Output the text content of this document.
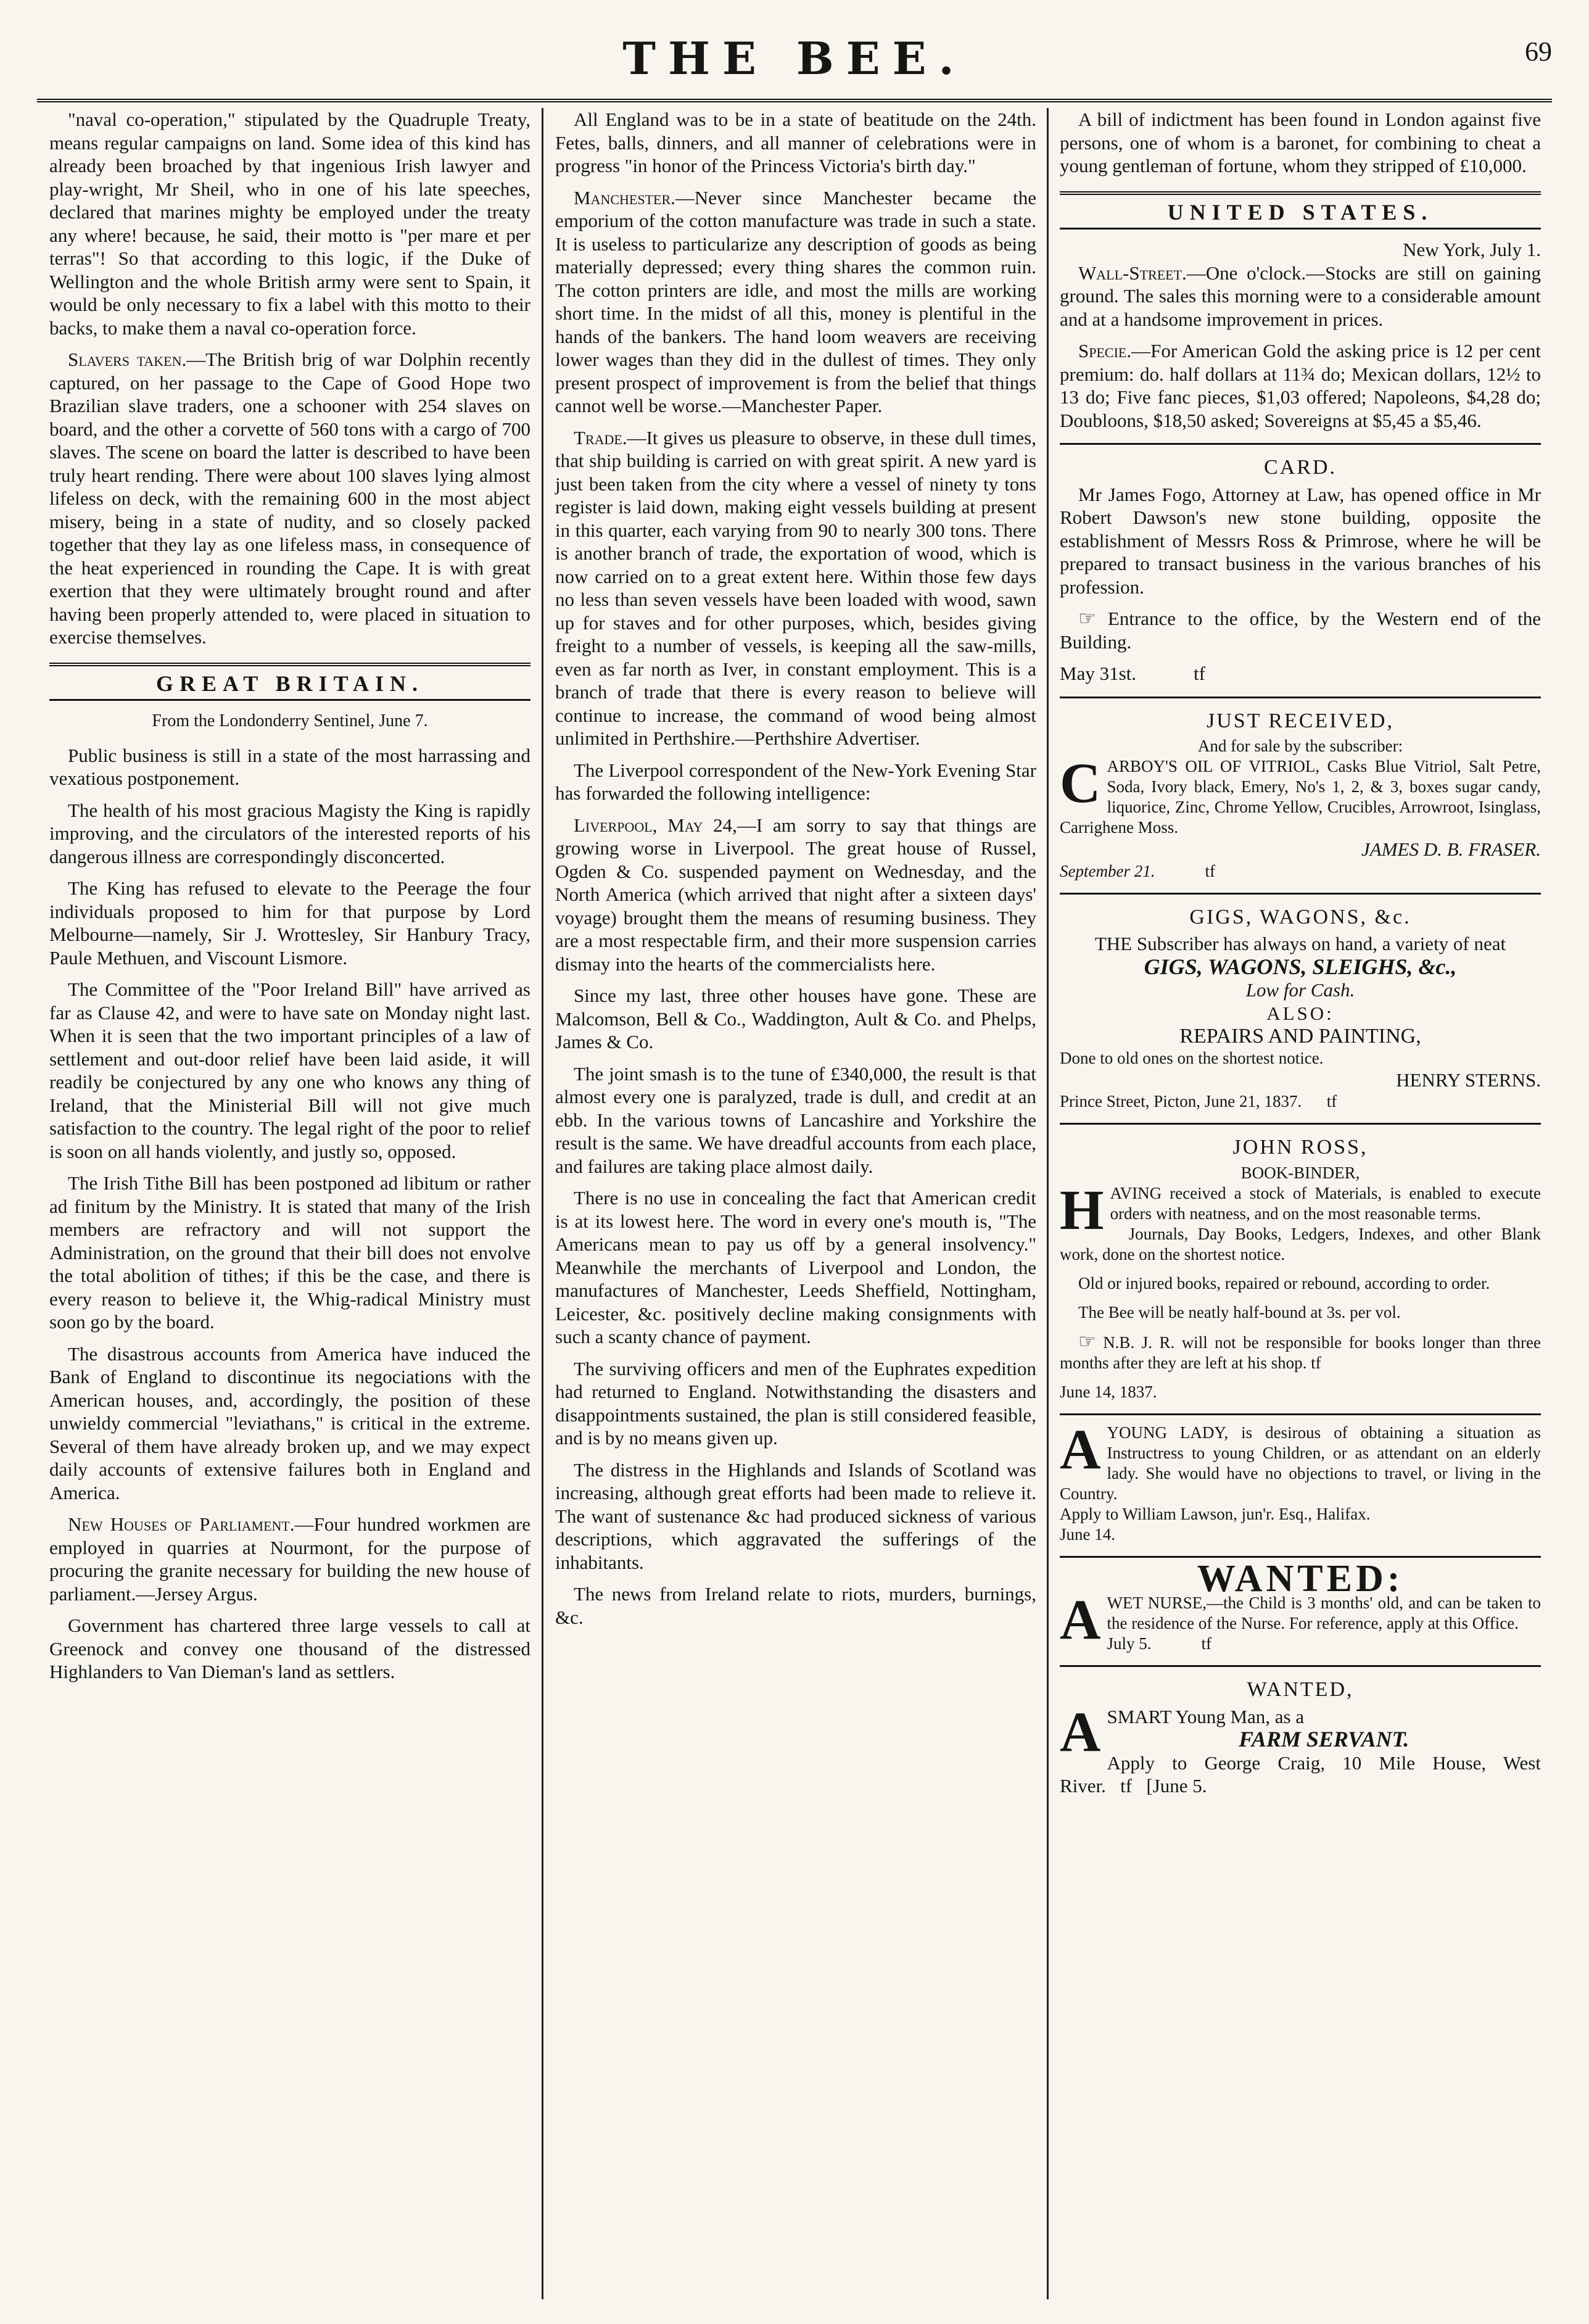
THE BEE.	69

"naval co-operation," stipulated by the Quadruple Treaty, means regular campaigns on land. Some idea of this kind has already been broached by that ingenious Irish lawyer and play-wright, Mr Sheil, who in one of his late speeches, declared that marines mighty be employed under the treaty any where! because, he said, their motto is "per mare et per terras"! So that according to this logic, if the Duke of Wellington and the whole British army were sent to Spain, it would be only necessary to fix a label with this motto to their backs, to make them a naval co-operation force.

Slavers taken.—The British brig of war Dolphin recently captured, on her passage to the Cape of Good Hope two Brazilian slave traders, one a schooner with 254 slaves on board, and the other a corvette of 560 tons with a cargo of 700 slaves. The scene on board the latter is described to have been truly heart rending. There were about 100 slaves lying almost lifeless on deck, with the remaining 600 in the most abject misery, being in a state of nudity, and so closely packed together that they lay as one lifeless mass, in consequence of the heat experienced in rounding the Cape. It is with great exertion that they were ultimately brought round and after having been properly attended to, were placed in situation to exercise themselves.

GREAT BRITAIN.
From the Londonderry Sentinel, June 7.

Public business is still in a state of the most harrassing and vexatious postponement.

The health of his most gracious Magisty the King is rapidly improving, and the circulators of the interested reports of his dangerous illness are correspondingly disconcerted.

The King has refused to elevate to the Peerage the four individuals proposed to him for that purpose by Lord Melbourne—namely, Sir J. Wrottesley, Sir Hanbury Tracy, Paule Methuen, and Viscount Lismore.

The Committee of the "Poor Ireland Bill" have arrived as far as Clause 42, and were to have sate on Monday night last. When it is seen that the two important principles of a law of settlement and out-door relief have been laid aside, it will readily be conjectured by any one who knows any thing of Ireland, that the Ministerial Bill will not give much satisfaction to the country. The legal right of the poor to relief is soon on all hands violently, and justly so, opposed.

The Irish Tithe Bill has been postponed ad libitum or rather ad finitum by the Ministry. It is stated that many of the Irish members are refractory and will not support the Administration, on the ground that their bill does not envolve the total abolition of tithes; if this be the case, and there is every reason to believe it, the Whig-radical Ministry must soon go by the board.

The disastrous accounts from America have induced the Bank of England to discontinue its negociations with the American houses, and, accordingly, the position of these unwieldy commercial "leviathans," is critical in the extreme. Several of them have already broken up, and we may expect daily accounts of extensive failures both in England and America.

New Houses of Parliament.—Four hundred workmen are employed in quarries at Nourmont, for the purpose of procuring the granite necessary for building the new house of parliament.—Jersey Argus.

Government has chartered three large vessels to call at Greenock and convey one thousand of the distressed Highlanders to Van Dieman's land as settlers.

All England was to be in a state of beatitude on the 24th. Fetes, balls, dinners, and all manner of celebrations were in progress "in honor of the Princess Victoria's birth day."

Manchester.—Never since Manchester became the emporium of the cotton manufacture was trade in such a state. It is useless to particularize any description of goods as being materially depressed; every thing shares the common ruin. The cotton printers are idle, and most the mills are working short time. In the midst of all this, money is plentiful in the hands of the bankers. The hand loom weavers are receiving lower wages than they did in the dullest of times. They only present prospect of improvement is from the belief that things cannot well be worse.—Manchester Paper.

Trade.—It gives us pleasure to observe, in these dull times, that ship building is carried on with great spirit. A new yard is just been taken from the city where a vessel of ninety ty tons register is laid down, making eight vessels building at present in this quarter, each varying from 90 to nearly 300 tons. There is another branch of trade, the exportation of wood, which is now carried on to a great extent here. Within those few days no less than seven vessels have been loaded with wood, sawn up for staves and for other purposes, which, besides giving freight to a number of vessels, is keeping all the saw-mills, even as far north as Iver, in constant employment. This is a branch of trade that there is every reason to believe will continue to increase, the command of wood being almost unlimited in Perthshire.—Perthshire Advertiser.

The Liverpool correspondent of the New-York Evening Star has forwarded the following intelligence:

Liverpool, May 24,—I am sorry to say that things are growing worse in Liverpool. The great house of Russel, Ogden & Co. suspended payment on Wednesday, and the North America (which arrived that night after a sixteen days' voyage) brought them the means of resuming business. They are a most respectable firm, and their more suspension carries dismay into the hearts of the commercialists here.

Since my last, three other houses have gone. These are Malcomson, Bell & Co., Waddington, Ault & Co. and Phelps, James & Co.

The joint smash is to the tune of £340,000, the result is that almost every one is paralyzed, trade is dull, and credit at an ebb. In the various towns of Lancashire and Yorkshire the result is the same. We have dreadful accounts from each place, and failures are taking place almost daily.

There is no use in concealing the fact that American credit is at its lowest here. The word in every one's mouth is, "The Americans mean to pay us off by a general insolvency." Meanwhile the merchants of Liverpool and London, the manufactures of Manchester, Leeds Sheffield, Nottingham, Leicester, &c. positively decline making consignments with such a scanty chance of payment.

The surviving officers and men of the Euphrates expedition had returned to England. Notwithstanding the disasters and disappointments sustained, the plan is still considered feasible, and is by no means given up.

The distress in the Highlands and Islands of Scotland was increasing, although great efforts had been made to relieve it. The want of sustenance &c had produced sickness of various descriptions, which aggravated the sufferings of the inhabitants.

The news from Ireland relate to riots, murders, burnings, &c.

A bill of indictment has been found in London against five persons, one of whom is a baronet, for combining to cheat a young gentleman of fortune, whom they stripped of £10,000.

UNITED STATES.
New York, July 1.

Wall-Street.—One o'clock.—Stocks are still on gaining ground. The sales this morning were to a considerable amount and at a handsome improvement in prices.

Specie.—For American Gold the asking price is 12 per cent premium: do. half dollars at 11¾ do; Mexican dollars, 12½ to 13 do; Five fanc pieces, $1,03 offered; Napoleons, $4,28 do; Doubloons, $18,50 asked; Sovereigns at $5,45 a $5,46.

CARD.

Mr James Fogo, Attorney at Law, has opened office in Mr Robert Dawson's new stone building, opposite the establishment of Messrs Ross & Primrose, where he will be prepared to transact business in the various branches of his profession.

☞ Entrance to the office, by the Western end of the Building.

May 31st.	tf
JUST RECEIVED,
And for sale by the subscriber:
CARBOY'S OIL OF VITRIOL, Casks Blue Vitriol, Salt Petre, Soda, Ivory black, Emery, No's 1, 2, & 3, boxes sugar candy, liquorice, Zinc, Chrome Yellow, Crucibles, Arrowroot, Isinglass, Carrighene Moss.
JAMES D. B. FRASER.
September 21.	tf
GIGS, WAGONS, &c.
THE Subscriber has always on hand, a variety of neat
GIGS, WAGONS, SLEIGHS, &c.,
Low for Cash.
ALSO:
REPAIRS AND PAINTING,
Done to old ones on the shortest notice.
HENRY STERNS.
Prince Street, Picton, June 21, 1837. tf
JOHN ROSS,
BOOK-BINDER,
HAVING received a stock of Materials, is enabled to execute orders with neatness, and on the most reasonable terms.

Journals, Day Books, Ledgers, Indexes, and other Blank work, done on the shortest notice.

Old or injured books, repaired or rebound, according to order.

The Bee will be neatly half-bound at 3s. per vol.

☞ N.B. J. R. will not be responsible for books longer than three months after they are left at his shop. tf

June 14, 1837.
AYOUNG LADY, is desirous of obtaining a situation as Instructress to young Children, or as attendant on an elderly lady. She would have no objections to travel, or living in the Country.
Apply to William Lawson, jun'r. Esq., Halifax.
June 14.
WANTED:
AWET NURSE,—the Child is 3 months' old, and can be taken to the residence of the Nurse. For reference, apply at this Office.
July 5.	tf
WANTED,
ASMART Young Man, as a
FARM SERVANT.
Apply to George Craig, 10 Mile House, West River. tf [June 5.
